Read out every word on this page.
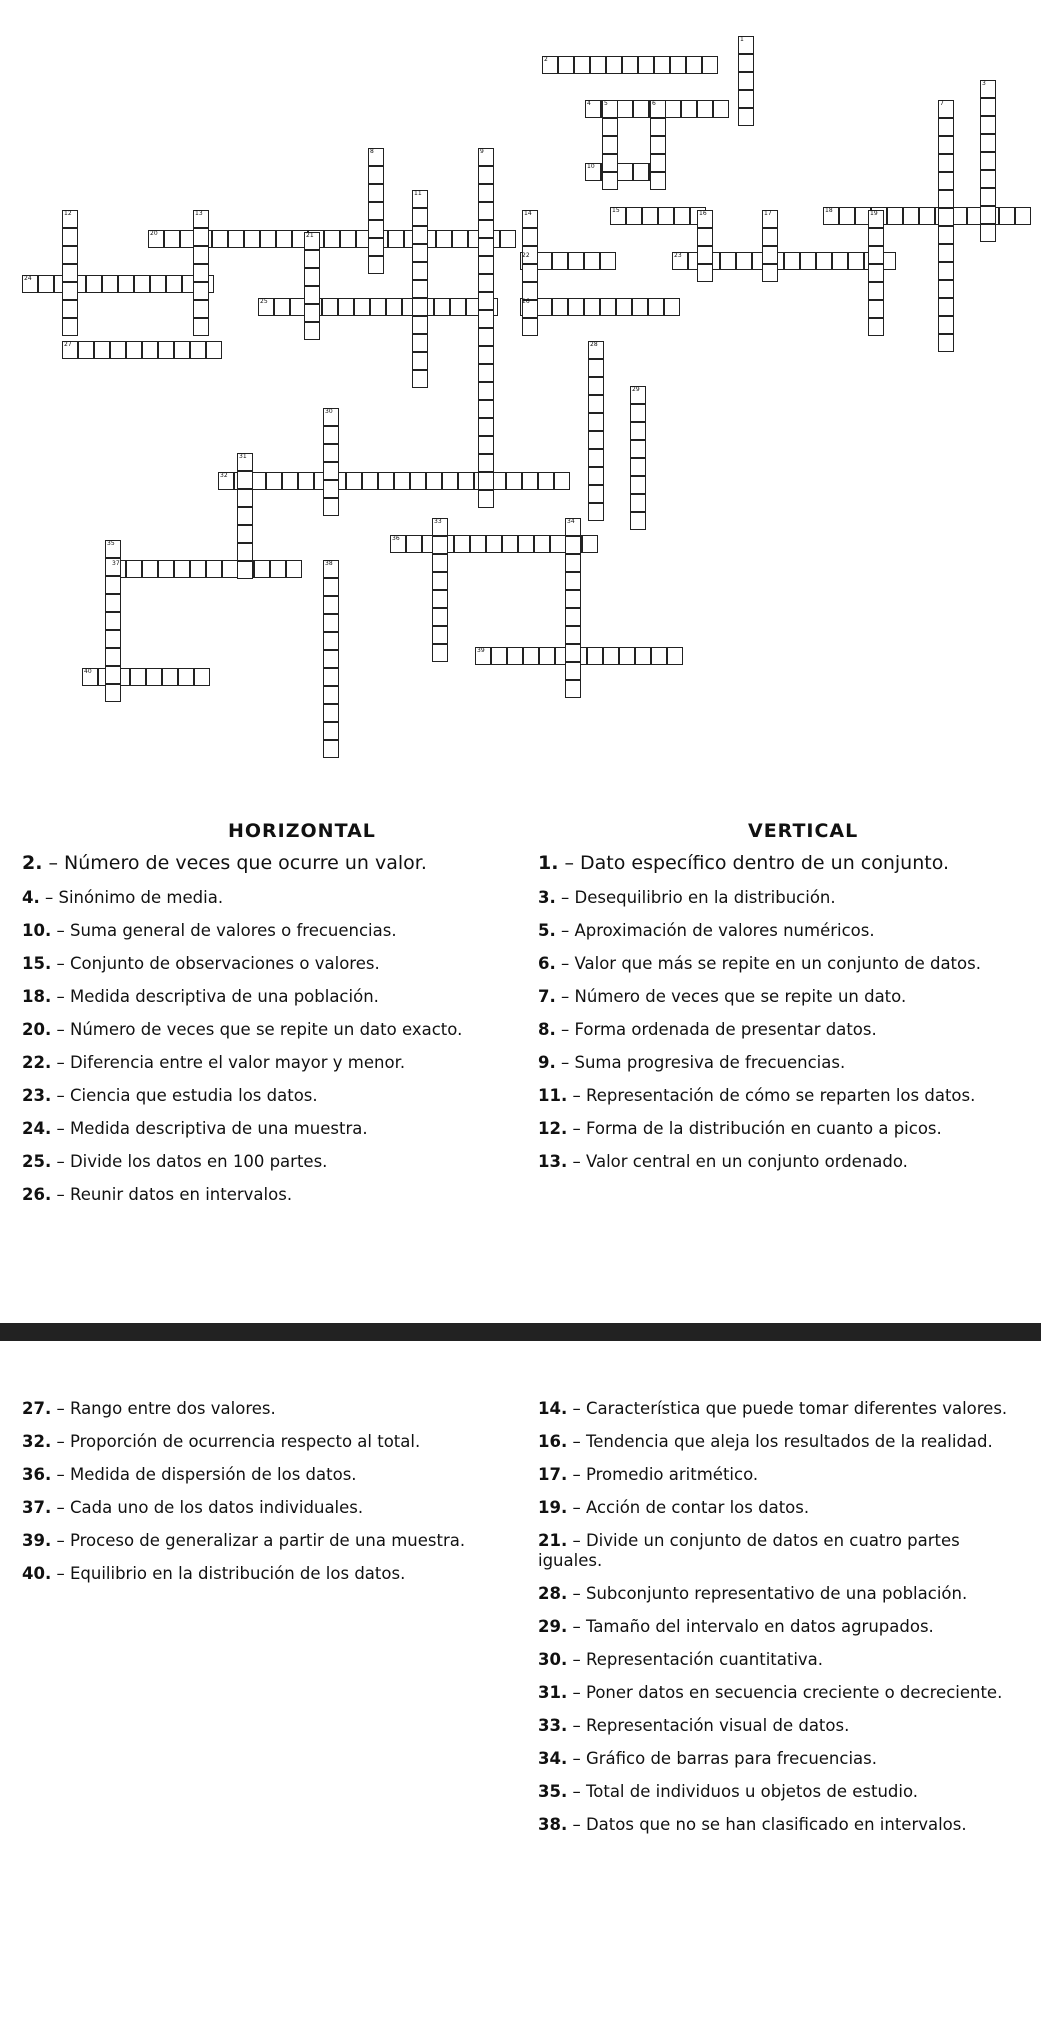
1
2
3
4 5	6	7
8	9
10
11
12	13	14	15	16	17	18	19
20	21
22	23
24
25	26
27	28
29
30
31
32
33	34
35
36
37	38
39
40
HORIZONTAL	VERTICAL
2. – Número de veces que ocurre un valor.
4. – Sinónimo de media.
10. – Suma general de valores o frecuencias.
15. – Conjunto de observaciones o valores.
18. – Medida descriptiva de una población.
20. – Número de veces que se repite un dato exacto.
22. – Diferencia entre el valor mayor y menor.
23. – Ciencia que estudia los datos.
24. – Medida descriptiva de una muestra.
25. – Divide los datos en 100 partes.
26. – Reunir datos en intervalos.
1. – Dato específico dentro de un conjunto.
3. – Desequilibrio en la distribución.
5. – Aproximación de valores numéricos.
6. – Valor que más se repite en un conjunto de datos.
7. – Número de veces que se repite un dato.
8. – Forma ordenada de presentar datos.
9. – Suma progresiva de frecuencias.
11. – Representación de cómo se reparten los datos.
12. – Forma de la distribución en cuanto a picos.
13. – Valor central en un conjunto ordenado.
27. – Rango entre dos valores.
32. – Proporción de ocurrencia respecto al total.
36. – Medida de dispersión de los datos.
37. – Cada uno de los datos individuales.
39. – Proceso de generalizar a partir de una muestra.
40. – Equilibrio en la distribución de los datos.
14. – Característica que puede tomar diferentes valores.
16. – Tendencia que aleja los resultados de la realidad.
17. – Promedio aritmético.
19. – Acción de contar los datos.
21. – Divide un conjunto de datos en cuatro partes iguales.
28. – Subconjunto representativo de una población.
29. – Tamaño del intervalo en datos agrupados.
30. – Representación cuantitativa.
31. – Poner datos en secuencia creciente o decreciente.
33. – Representación visual de datos.
34. – Gráfico de barras para frecuencias.
35. – Total de individuos u objetos de estudio.
38. – Datos que no se han clasificado en intervalos.
